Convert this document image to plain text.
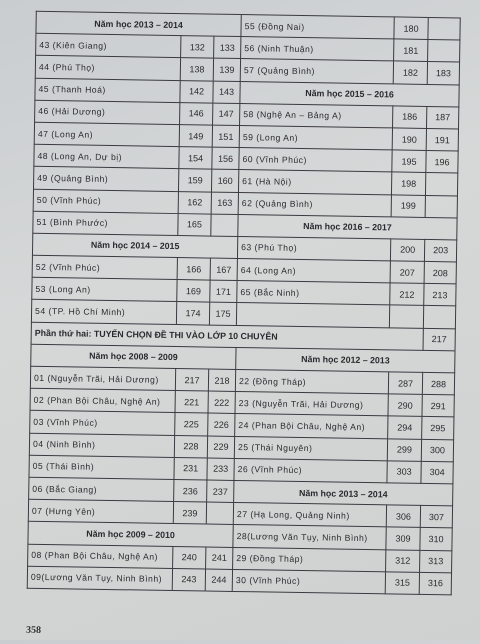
Năm học 2013 – 2014			55 (Đồng Nai)	180	
43 (Kiên Giang)	132	133	56 (Ninh Thuận)	181	
44 (Phú Thọ)	138	139	57 (Quảng Bình)	182	183
45 (Thanh Hoá)	142	143	Năm học 2015 – 2016		
46 (Hải Dương)	146	147	58 (Nghệ An – Bảng A)	186	187
47 (Long An)	149	151	59 (Long An)	190	191
48 (Long An, Dự bị)	154	156	60 (Vĩnh Phúc)	195	196
49 (Quảng Bình)	159	160	61 (Hà Nội)	198	
50 (Vĩnh Phúc)	162	163	62 (Quảng Bình)	199	
51 (Bình Phước)	165		Năm học 2016 – 2017		
Năm học 2014 – 2015			63 (Phú Thọ)	200	203
52 (Vĩnh Phúc)	166	167	64 (Long An)	207	208
53 (Long An)	169	171	65 (Bắc Ninh)	212	213
54 (TP. Hồ Chí Minh)	174	175			
Phần thứ hai: TUYỂN CHỌN ĐỀ THI VÀO LỚP 10 CHUYÊN					217
Năm học 2008 – 2009			Năm học 2012 – 2013		
01 (Nguyễn Trãi, Hải Dương)	217	218	22 (Đồng Tháp)	287	288
02 (Phan Bội Châu, Nghệ An)	221	222	23 (Nguyễn Trãi, Hải Dương)	290	291
03 (Vĩnh Phúc)	225	226	24 (Phan Bội Châu, Nghệ An)	294	295
04 (Ninh Bình)	228	229	25 (Thái Nguyên)	299	300
05 (Thái Bình)	231	233	26 (Vĩnh Phúc)	303	304
06 (Bắc Giang)	236	237	Năm học 2013 – 2014		
07 (Hưng Yên)	239		27 (Hạ Long, Quảng Ninh)	306	307
Năm học 2009 – 2010			28(Lương Văn Tụy, Ninh Bình)	309	310
08 (Phan Bội Châu, Nghệ An)	240	241	29 (Đồng Tháp)	312	313
09(Lương Văn Tụy, Ninh Bình)	243	244	30 (Vĩnh Phúc)	315	316
358
